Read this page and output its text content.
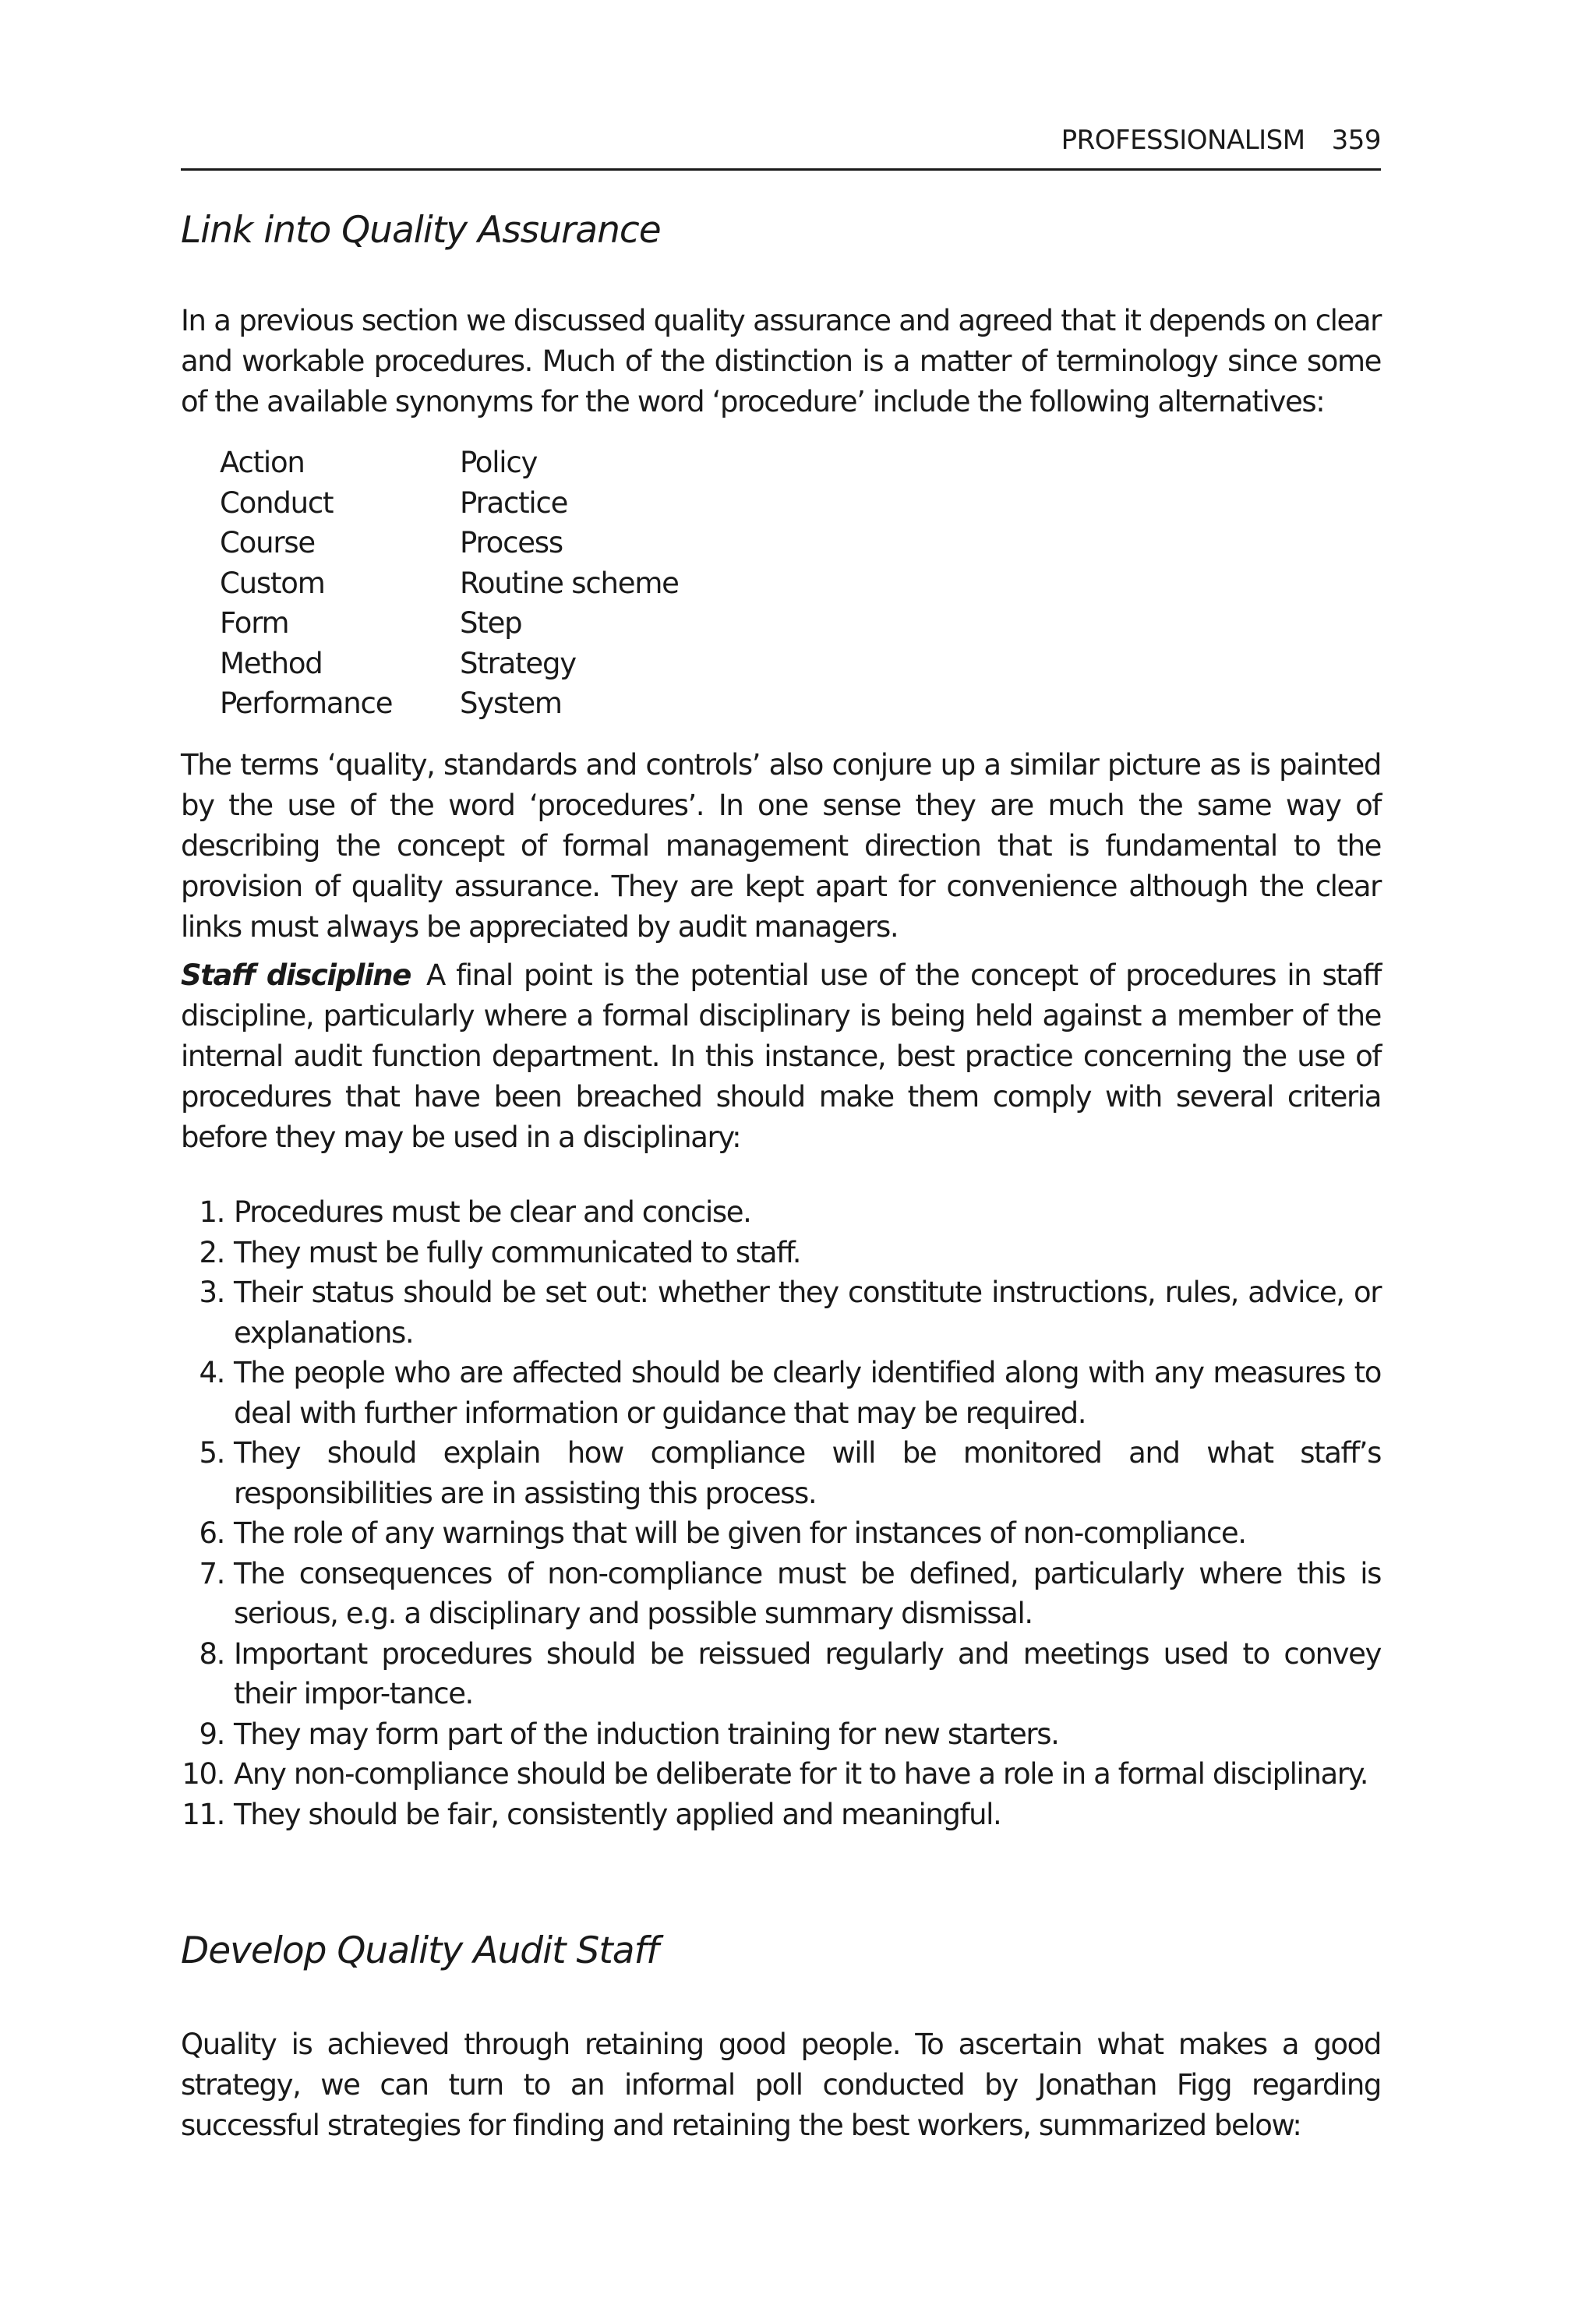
PROFESSIONALISM 359
Link into Quality Assurance

In a previous section we discussed quality assurance and agreed that it depends on clear and workable procedures. Much of the distinction is a matter of terminology since some of the available synonyms for the word ‘procedure’ include the following alternatives:

Action	Policy
Conduct	Practice
Course	Process
Custom	Routine scheme
Form	Step
Method	Strategy
Performance	System

The terms ‘quality, standards and controls’ also conjure up a similar picture as is painted by the use of the word ‘procedures’. In one sense they are much the same way of describing the concept of formal management direction that is fundamental to the provision of quality assurance. They are kept apart for convenience although the clear links must always be appreciated by audit managers.

Staff discipline A final point is the potential use of the concept of procedures in staff discipline, particularly where a formal disciplinary is being held against a member of the internal audit function department. In this instance, best practice concerning the use of procedures that have been breached should make them comply with several criteria before they may be used in a disciplinary:

1. Procedures must be clear and concise.
2. They must be fully communicated to staff.
3. Their status should be set out: whether they constitute instructions, rules, advice, or explanations.
4. The people who are affected should be clearly identified along with any measures to deal with further information or guidance that may be required.
5. They should explain how compliance will be monitored and what staff’s responsibilities are in assisting this process.
6. The role of any warnings that will be given for instances of non-compliance.
7. The consequences of non-compliance must be defined, particularly where this is serious, e.g. a disciplinary and possible summary dismissal.
8. Important procedures should be reissued regularly and meetings used to convey their impor-tance.
9. They may form part of the induction training for new starters.
10. Any non-compliance should be deliberate for it to have a role in a formal disciplinary.
11. They should be fair, consistently applied and meaningful.
Develop Quality Audit Staff

Quality is achieved through retaining good people. To ascertain what makes a good strategy, we can turn to an informal poll conducted by Jonathan Figg regarding successful strategies for finding and retaining the best workers, summarized below:
